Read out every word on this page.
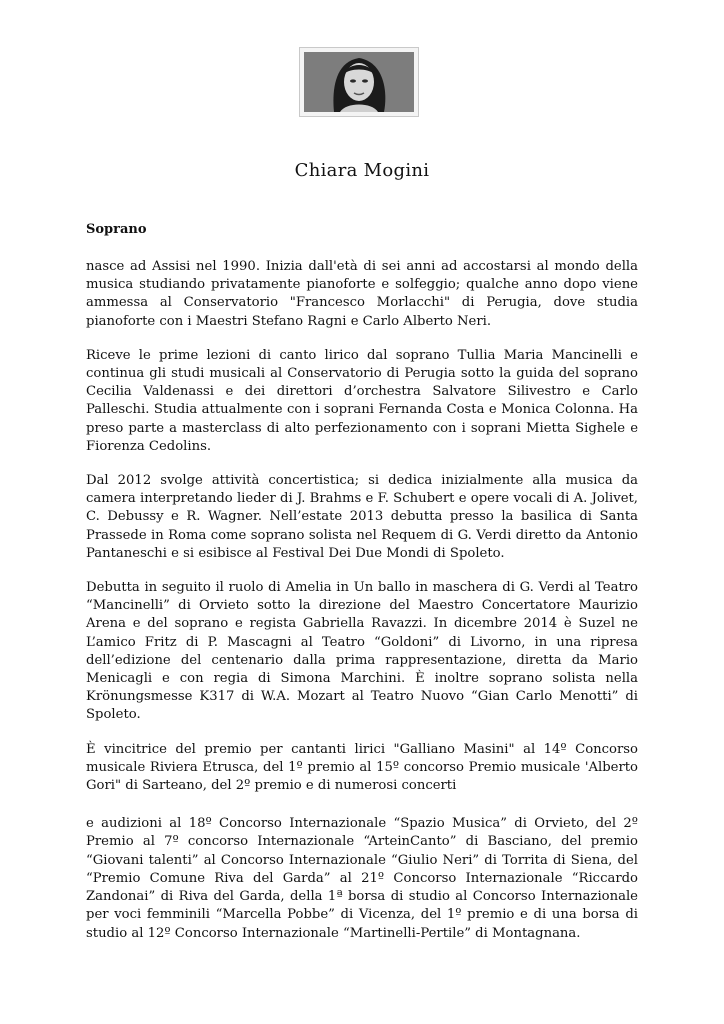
Chiara Mogini
Soprano

nasce ad Assisi nel 1990. Inizia dall'età di sei anni ad accostarsi al mondo della musica studiando privatamente pianoforte e solfeggio; qualche anno dopo viene ammessa al Conservatorio "Francesco Morlacchi" di Perugia, dove studia pianoforte con i Maestri Stefano Ragni e Carlo Alberto Neri.

Riceve le prime lezioni di canto lirico dal soprano Tullia Maria Mancinelli e continua gli studi musicali al Conservatorio di Perugia sotto la guida del soprano Cecilia Valdenassi e dei direttori d’orchestra Salvatore Silivestro e Carlo Palleschi. Studia attualmente con i soprani Fernanda Costa e Monica Colonna. Ha preso parte a masterclass di alto perfezionamento con i soprani Mietta Sighele e Fiorenza Cedolins.

Dal 2012 svolge attività concertistica; si dedica inizialmente alla musica da camera interpretando lieder di J. Brahms e F. Schubert e opere vocali di A. Jolivet, C. Debussy e R. Wagner. Nell’estate 2013 debutta presso la basilica di Santa Prassede in Roma come soprano solista nel Requem di G. Verdi diretto da Antonio Pantaneschi e si esibisce al Festival Dei Due Mondi di Spoleto.

Debutta in seguito il ruolo di Amelia in Un ballo in maschera di G. Verdi al Teatro “Mancinelli” di Orvieto sotto la direzione del Maestro Concertatore Maurizio Arena e del soprano e regista Gabriella Ravazzi. In dicembre 2014 è Suzel ne L’amico Fritz di P. Mascagni al Teatro “Goldoni” di Livorno, in una ripresa dell’edizione del centenario dalla prima rappresentazione, diretta da Mario Menicagli e con regia di Simona Marchini. È inoltre soprano solista nella Krönungsmesse K317 di W.A. Mozart al Teatro Nuovo “Gian Carlo Menotti” di Spoleto.

È vincitrice del premio per cantanti lirici "Galliano Masini" al 14º Concorso musicale Riviera Etrusca, del 1º premio al 15º concorso Premio musicale 'Alberto Gori" di Sarteano, del 2º premio e di numerosi concerti

e audizioni al 18º Concorso Internazionale “Spazio Musica” di Orvieto, del 2º Premio al 7º concorso Internazionale “ArteinCanto” di Basciano, del premio “Giovani talenti” al Concorso Internazionale “Giulio Neri” di Torrita di Siena, del “Premio Comune Riva del Garda” al 21º Concorso Internazionale “Riccardo Zandonai” di Riva del Garda, della 1ª borsa di studio al Concorso Internazionale per voci femminili “Marcella Pobbe” di Vicenza, del 1º premio e di una borsa di studio al 12º Concorso Internazionale “Martinelli-Pertile” di Montagnana.
